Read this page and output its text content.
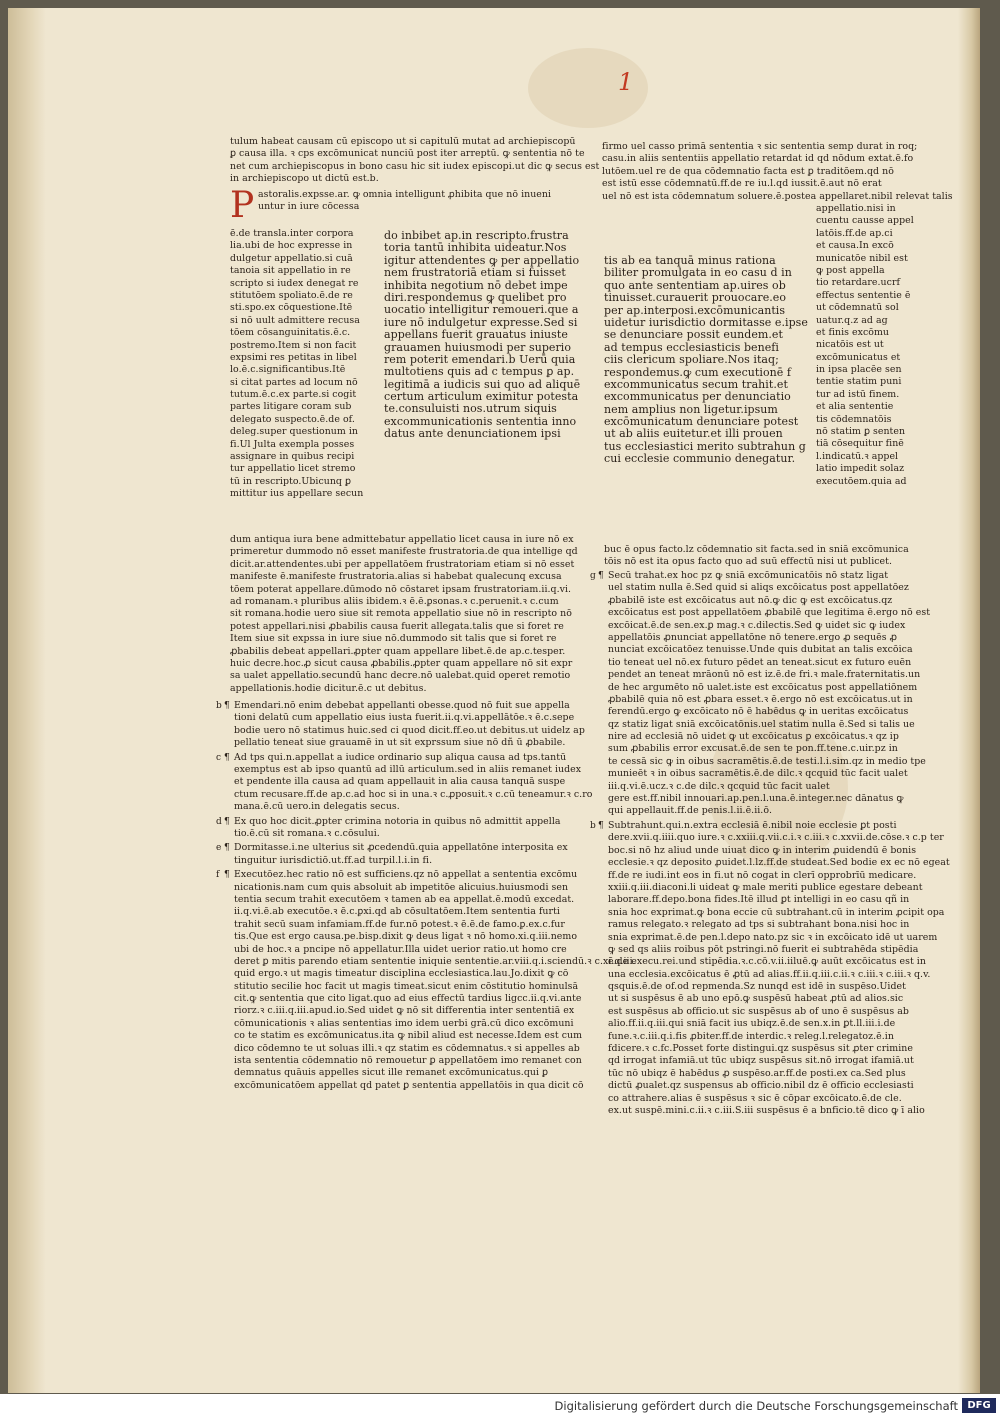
1
tulum habeat causam cū episcopo ut si capitulū mutat ad archiepiscopū
ꝑ causa illa. ꝛ cps excōmunicat nunciū post iter arreptū. ꝙ sententia nō te
net cum archiepiscopus in bono casu hic sit iudex episcopi.ut dic ꝙ secus est
in archiepiscopo ut dictū est.b.
P astoralis.expsse.ar. ꝙ omnia intelligunt ꝓhibita que nō inueni
untur in iure cōcessa
ē.de transla.inter corpora
lia.ubi de hoc expresse in
dulgetur appellatio.si cuā
tanoia sit appellatio in re
scripto si iudex denegat re
stitutōem spoliato.ē.de re
sti.spo.ex cōquestione.Itē
si nō uult admittere recusa
tōem cōsanguinitatis.ē.c.
postremo.Item si non facit
expsimi res petitas in libel
lo.ē.c.significantibus.Itē
si citat partes ad locum nō
tutum.ē.c.ex parte.si cogit
partes litigare coram sub
delegato suspecto.ē.de of.
deleg.super questionum in
fi.Ul Julta exempla posses
assignare in quibus recipi
tur appellatio licet stremo
tū in rescripto.Ubicunq ꝑ
mittitur ius appellare secun
do inbibet ap.in rescripto.frustra
toria tantū inhibita uideatur.Nos
igitur attendentes ꝙ per appellatio
nem frustratoriā etiam si fuisset
inhibita negotium nō debet impe
diri.respondemus ꝙ quelibet pro
uocatio intelligitur remoueri.que a
iure nō indulgetur expresse.Sed si
appellans fuerit grauatus iniuste
grauamen huiusmodi per superio
rem poterit emendari.b Uerū quia
multotiens quis ad c tempus ꝑ ap.
legitimā a iudicis sui quo ad aliquē
certum articulum eximitur potesta
te.consuluisti nos.utrum siquis
excommunicationis sententia inno
datus ante denunciationem ipsi
firmo uel casso primā sententia ꝛ sic sententia semp durat in roq;
casu.in aliis sententiis appellatio retardat id qd nōdum extat.ē.fo
lutōem.uel re de qua cōdemnatio facta est ꝑ traditōem.qd nō
est istū esse cōdemnatū.ff.de re iu.l.qd iussit.ē.aut nō erat
uel nō est ista cōdemnatum soluere.ē.postea appellaret.nibil relevat talis
tis ab ea tanquā minus rationa
biliter promulgata in eo casu d in
quo ante sententiam ap.uires ob
tinuisset.curauerit prouocare.eo
per ap.interposi.excōmunicantis
uidetur iurisdictio dormitasse e.ipse
se denunciare possit eundem.et
ad tempus ecclesiasticis benefi
ciis clericum spoliare.Nos itaq;
respondemus.ꝙ cum executionē f
excommunicatus secum trahit.et
excommunicatus per denunciatio
nem amplius non ligetur.ipsum
excōmunicatum denunciare potest
ut ab aliis euitetur.et illi prouen
tus ecclesiastici merito subtrahun g
cui ecclesie communio denegatur.
appellatio.nisi in
cuentu causse appel
latōis.ff.de ap.ci
et causa.In excō
municatōe nibil est
ꝙ post appella
tio retardare.ucrf
effectus sententie ē
ut cōdemnatū sol
uatur.q.z ad ag
et finis excōmu
nicatōis est ut
excōmunicatus et
in ipsa placēe sen
tentie statim puni
tur ad istū finem.
et alia sententie
tis cōdemnatōis
nō statim ꝑ senten
tiā cōsequitur finē
l.indicatū.ꝛ appel
latio impedit solaz
executōem.quia ad
dum antiqua iura bene admittebatur appellatio licet causa in iure nō ex
primeretur dummodo nō esset manifeste frustratoria.de qua intellige qd
dicit.ar.attendentes.ubi per appellatōem frustratoriam etiam si nō esset
manifeste ē.manifeste frustratoria.alias si habebat qualecunq excusa
tōem poterat appellare.dūmodo nō cōstaret ipsam frustratoriam.ii.q.vi.
ad romanam.ꝛ pluribus aliis ibidem.ꝛ ē.ē.ꝑsonas.ꝛ c.peruenit.ꝛ c.cum
sit romana.hodie uero siue sit remota appellatio siue nō in rescripto nō
potest appellari.nisi ꝓbabilis causa fuerit allegata.talis que si foret re
Item siue sit expssa in iure siue nō.dummodo sit talis que si foret re
ꝓbabilis debeat appellari.ꝓpter quam appellare libet.ē.de ap.c.tesper.
huic decre.hoc.ꝓ sicut causa ꝓbabilis.ꝓpter quam appellare nō sit expr
sa ualet appellatio.secundū hanc decre.nō ualebat.quid operet remotio
appellationis.hodie dicitur.ē.c ut debitus.
b ¶ Emendari.nō enim debebat appellanti obesse.quod nō fuit sue appella
tioni delatū cum appellatio eius iusta fuerit.ii.q.vi.appellātōe.ꝛ ē.c.sepe
bodie uero nō statimus huic.sed ci quod dicit.ff.eo.ut debitus.ut uidelz ap
pellatio teneat siue grauamē in ut sit exprssum siue nō dñ ū ꝓbabile.
c ¶ Ad tps qui.n.appellat a iudice ordinario sup aliqua causa ad tps.tantū
exemptus est ab ipso quantū ad illū articulum.sed in aliis remanet iudex
et pendente illa causa ad quam appellauit in alia causa tanquā suspe
ctum recusare.ff.de ap.c.ad hoc si in una.ꝛ c.ꝓposuit.ꝛ c.cū teneamur.ꝛ c.ro
mana.ē.cū uero.in delegatis secus.
d ¶ Ex quo hoc dicit.ꝓpter crimina notoria in quibus nō admittit appella
tio.ē.cū sit romana.ꝛ c.cōsului.
e ¶ Dormitasse.i.ne ulterius sit ꝓcedendū.quia appellatōne interposita ex
tinguitur iurisdictiō.ut.ff.ad turpil.l.i.in fi.
f ¶ Executōez.hec ratio nō est sufficiens.qz nō appellat a sententia excōmu
nicationis.nam cum quis absoluit ab impetitōe alicuius.huiusmodi sen
tentia secum trahit executōem ꝛ tamen ab ea appellat.ē.modū excedat.
ii.q.vi.ē.ab executōe.ꝛ ē.c.ꝑxi.qd ab cōsultatōem.Item sententia furti
trahit secū suam infamiam.ff.de fur.nō potest.ꝛ ē.ē.de famo.ꝑ.ex.c.fur
tis.Que est ergo causa.pe.bisp.dixit ꝙ deus ligat ꝛ nō homo.xi.q.iii.nemo
ubi de hoc.ꝛ a pncipe nō appellatur.Illa uidet uerior ratio.ut homo cre
deret ꝑ mitis parendo etiam sententie iniquie sententie.ar.viii.q.i.sciendū.ꝛ c.xi.q.iii.
quid ergo.ꝛ ut magis timeatur disciplina ecclesiastica.lau.Jo.dixit ꝙ cō
stitutio secilie hoc facit ut magis timeat.sicut enim cōstitutio hominulsā
cit.ꝙ sententia que cito ligat.quo ad eius effectū tardius ligcc.ii.q.vi.ante
riorz.ꝛ c.iii.q.iii.apud.io.Sed uidet ꝙ nō sit differentia inter sententiā ex
cōmunicationis ꝛ alias sententias imo idem uerbi grā.cū dico excōmuni
co te statim es excōmunicatus.ita ꝙ nibil aliud est necesse.Idem est cum
dico cōdemno te ut soluas illi.ꝛ qz statim es cōdemnatus.ꝛ si appelles ab
ista sententia cōdemnatio nō remouetur ꝑ appellatōem imo remanet con
demnatus quāuis appelles sicut ille remanet excōmunicatus.qui ꝑ
excōmunicatōem appellat qd patet ꝑ sententia appellatōis in qua dicit cō
buc ē opus facto.lz cōdemnatio sit facta.sed in sniā excōmunica
tōis nō est ita opus facto quo ad suū effectū nisi ut publicet.
g ¶ Secū trahat.ex hoc pz ꝙ sniā excōmunicatōis nō statz ligat
uel statim nulla ē.Sed quid si aliqs excōicatus post appellatōez
ꝓbabilē iste est excōicatus aut nō.ꝙ dic ꝙ est excōicatus.qz
excōicatus est post appellatōem ꝓbabilē que legitima ē.ergo nō est
excōicat.ē.de sen.ex.ꝑ mag.ꝛ c.dilectis.Sed ꝙ uidet sic ꝙ iudex
appellatōis ꝓnunciat appellatōne nō tenere.ergo ꝓ sequēs ꝓ
nunciat excōicatōez tenuisse.Unde quis dubitat an talis excōica
tio teneat uel nō.ex futuro pēdet an teneat.sicut ex futuro euēn
pendet an teneat mrāonū nō est iz.ē.de fri.ꝛ male.fraternitatis.un
de hec argumēto nō ualet.iste est excōicatus post appellatiōnem
ꝓbabilē quia nō est ꝓbara esset.ꝛ ē.ergo nō est excōicatus.ut in
ferendū.ergo ꝙ excōicato nō ē habēdus ꝙ in ueritas excōicatus
qz statiz ligat sniā excōicatōnis.uel statim nulla ē.Sed si talis ue
nire ad ecclesiā nō uidet ꝙ ut excōicatus ꝑ excōicatus.ꝛ qz ip
sum ꝓbabilis error excusat.ē.de sen te pon.ff.tene.c.uir.pz in
te cessā sic ꝙ in oibus sacramētis.ē.de testi.l.i.sim.qz in medio tpe
munieēt ꝛ in oibus sacramētis.ē.de dilc.ꝛ qcquid tūc facit ualet
iii.q.vi.ē.ucz.ꝛ c.de dilc.ꝛ qcquid tūc facit ualet
gere est.ff.nibil innouari.ap.pen.l.una.ē.integer.nec dānatus ꝙ
qui appellauit.ff.de penis.l.ii.ē.ii.ō.
b ¶ Subtrahunt.qui.n.extra ecclesiā ē.nibil noie ecclesie ꝑt posti
dere.xvii.q.iiii.quo iure.ꝛ c.xxiii.q.vii.c.i.ꝛ c.iii.ꝛ c.xxvii.de.cōse.ꝛ c.p ter
boc.si nō hz aliud unde uiuat dico ꝙ in interim ꝓuidendū ē bonis
ecclesie.ꝛ qz deposito ꝓuidet.l.lz.ff.de studeat.Sed bodie ex ec nō egeat
ff.de re iudi.int eos in fi.ut nō cogat in clerī opprobrīū medicare.
xxiii.q.iii.diaconi.li uideat ꝙ male meriti publice egestare debeant
laborare.ff.depo.bona fides.Itē illud ꝑt intelligi in eo casu qñ in
snia hoc exprimat.ꝙ bona eccie cū subtrahant.cū in interim ꝓcipit opa
ramus relegato.ꝛ relegato ad tps si subtrahant bona.nisi hoc in
snia exprimat.ē.de pen.l.depo nato.pz sic ꝛ in excōicato idē ut uarem
ꝙ sed qs aliis roibus pōt pstringi.nō fuerit ei subtrahēda stipēdia
ē.de execu.rei.und stipēdia.ꝛ.c.cō.v.ii.iiluē.ꝙ auūt excōicatus est in
una ecclesia.excōicatus ē ꝓtū ad alias.ff.ii.q.iii.c.ii.ꝛ c.iii.ꝛ c.iii.ꝛ q.v.
qsquis.ē.de of.od repmenda.Sz nunqd est idē in suspēso.Uidet
ut si suspēsus ē ab uno epō.ꝙ suspēsū habeat ꝓtū ad alios.sic
est suspēsus ab officio.ut sic suspēsus ab of uno ē suspēsus ab
alio.ff.ii.q.iii.qui sniā facit ius ubiqz.ē.de sen.x.in ꝑt.ll.iii.i.de
fune.ꝛ.c.iii.q.i.fis ꝓbiter.ff.de interdic.ꝛ releg.l.relegatoz.ē.in
fdicere.ꝛ c.fc.Posset forte distingui.qz suspēsus sit ꝓter crimine
qd irrogat infamiā.ut tūc ubiqz suspēsus sit.nō irrogat ifamiā.ut
tūc nō ubiqz ē habēdus ꝓ suspēso.ar.ff.de posti.ex ca.Sed plus
dictū ꝓualet.qz suspensus ab officio.nibil dz ē officio ecclesiasti
co attrahere.alias ē suspēsus ꝛ sic ē cōpar excōicato.ē.de cle.
ex.ut suspē.mini.c.ii.ꝛ c.iii.S.iii suspēsus ē a bnficio.tē dico ꝙ ī alio
Digitalisierung gefördert durch die Deutsche Forschungsgemeinschaft DFG
